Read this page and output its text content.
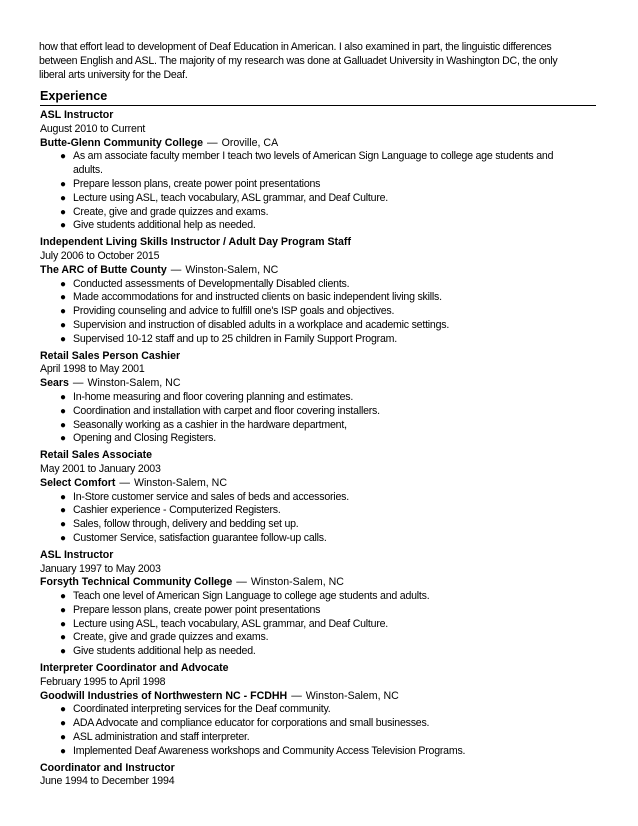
how that effort lead to development of Deaf Education in American. I also examined in part, the linguistic differences

between English and ASL. The majority of my research was done at Galluadet University in Washington DC, the only

liberal arts university for the Deaf.

Experience
ASL Instructor
August 2010 to Current
Butte-Glenn Community College — Oroville, CA
● As am associate faculty member I teach two levels of American Sign Language to college age students and
adults.
● Prepare lesson plans, create power point presentations
● Lecture using ASL, teach vocabulary, ASL grammar, and Deaf Culture.
● Create, give and grade quizzes and exams.
● Give students additional help as needed.
Independent Living Skills Instructor / Adult Day Program Staff
July 2006 to October 2015
The ARC of Butte County — Winston-Salem, NC
● Conducted assessments of Developmentally Disabled clients.
● Made accommodations for and instructed clients on basic independent living skills.
● Providing counseling and advice to fulfill one's ISP goals and objectives.
● Supervision and instruction of disabled adults in a workplace and academic settings.
● Supervised 10-12 staff and up to 25 children in Family Support Program.
Retail Sales Person Cashier
April 1998 to May 2001
Sears — Winston-Salem, NC
● In-home measuring and floor covering planning and estimates.
● Coordination and installation with carpet and floor covering installers.
● Seasonally working as a cashier in the hardware department,
● Opening and Closing Registers.
Retail Sales Associate
May 2001 to January 2003
Select Comfort — Winston-Salem, NC
● In-Store customer service and sales of beds and accessories.
● Cashier experience - Computerized Registers.
● Sales, follow through, delivery and bedding set up.
● Customer Service, satisfaction guarantee follow-up calls.
ASL Instructor
January 1997 to May 2003
Forsyth Technical Community College — Winston-Salem, NC
● Teach one level of American Sign Language to college age students and adults.
● Prepare lesson plans, create power point presentations
● Lecture using ASL, teach vocabulary, ASL grammar, and Deaf Culture.
● Create, give and grade quizzes and exams.
● Give students additional help as needed.
Interpreter Coordinator and Advocate
February 1995 to April 1998
Goodwill Industries of Northwestern NC - FCDHH — Winston-Salem, NC
● Coordinated interpreting services for the Deaf community.
● ADA Advocate and compliance educator for corporations and small businesses.
● ASL administration and staff interpreter.
● Implemented Deaf Awareness workshops and Community Access Television Programs.
Coordinator and Instructor
June 1994 to December 1994
